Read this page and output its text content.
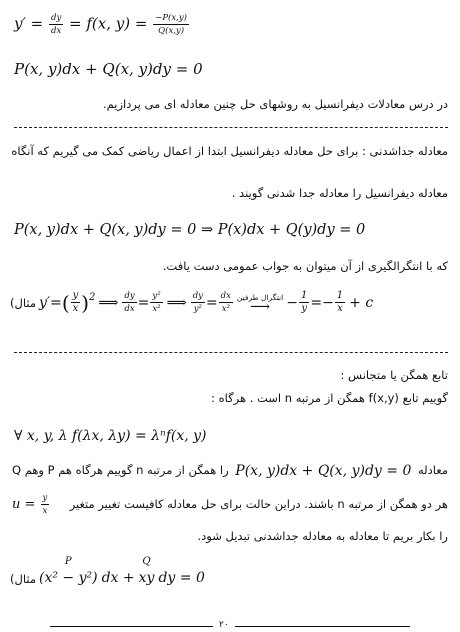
$y' = \frac{dy}{dx} = f(x$, $y) = \frac{-P(x,y)}{Q(x,y)}$
P(x, y)dx + Q(x, y)dy = 0
در درس معادلات دیفرانسیل به روشهای حل چنین معادله ای می پردازیم.
معادله جداشدنی : برای حل معادله دیفرانسیل ابتدا از اعمال ریاضی کمک می گیریم که آنگاه
معادله دیفرانسیل را معادله جدا شدنی گویند .
P(x, y)dx + Q(x, y)dy = 0 ⇒ P(x)dx + Q(y)dy = 0
که با انتگرالگیری از آن میتوان به جواب عمومی دست یافت.
مثال) y′= ( $\frac{y}{x} )^2$ ⟹ $\frac{dy}{dx} = \frac{\text{y²}}{\text{x²}}$ ⟹ $\frac{dy}{\text{y²}} = \frac{dx}{\text{x²}}$ انتگرال طرفین
⟶ − $\frac{1}{y}$ = − $\frac{1}{x} + c$
تابع همگن یا متجانس :
گوییم تابع f(x,y) همگن از مرتبه n است . هرگاه :
∀ x, y, λ f(λx, λy) = λⁿf(x, y)
معادله
P(x, y)dx + Q(x, y)dy = 0
را همگن از مرتبه n گوییم هرگاه هم P وهم Q
هر دو همگن از مرتبه n باشند. دراین حالت برای حل معادله کافیست تغییر متغیر
$u = \frac{y}{x}$
را بکار بریم تا معادله به معادله جداشدنی تبدیل شود.
مثال)
P
(x² − y²) dx +
Q
xy dy = 0
۲۰
